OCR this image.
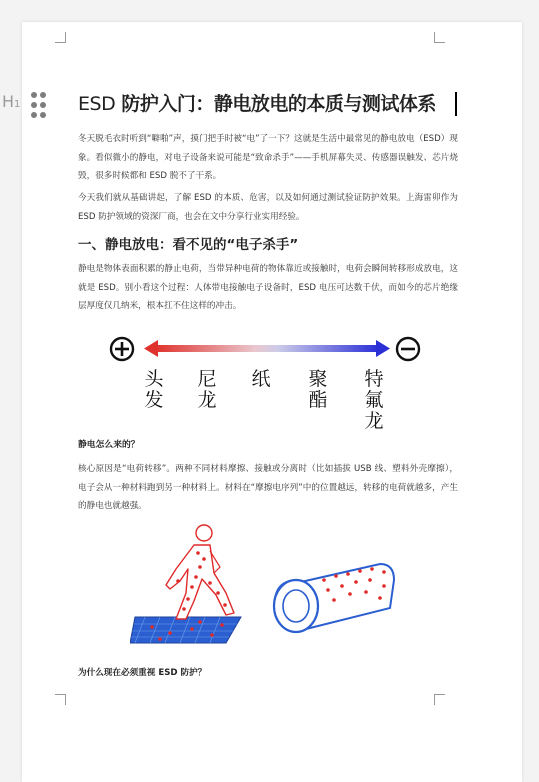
H1	ESD 防护入门：静电放电的本质与测试体系

冬天脱毛衣时听到“噼啪”声，摸门把手时被“电”了一下？这就是生活中最常见的静电放电（ESD）现象。看似微小的静电，对电子设备来说可能是“致命杀手”——手机屏幕失灵、传感器误触发、芯片烧毁，很多时候都和 ESD 脱不了干系。

今天我们就从基础讲起，了解 ESD 的本质、危害，以及如何通过测试验证防护效果。上海雷卯作为 ESD 防护领域的资深厂商，也会在文中分享行业实用经验。

一、静电放电：看不见的“电子杀手”

静电是物体表面积累的静止电荷，当带异种电荷的物体靠近或接触时，电荷会瞬间转移形成放电，这就是 ESD。别小看这个过程：人体带电接触电子设备时，ESD 电压可达数千伏，而如今的芯片绝缘层厚度仅几纳米，根本扛不住这样的冲击。

头
发
尼
龙
纸 聚
酯
特
氟
龙
静电怎么来的？

核心原因是“电荷转移”。两种不同材料摩擦、接触或分离时（比如插拔 USB 线、塑料外壳摩擦），电子会从一种材料跑到另一种材料上。材料在“摩擦电序列”中的位置越远，转移的电荷就越多，产生的静电也就越强。

为什么现在必须重视 ESD 防护？
